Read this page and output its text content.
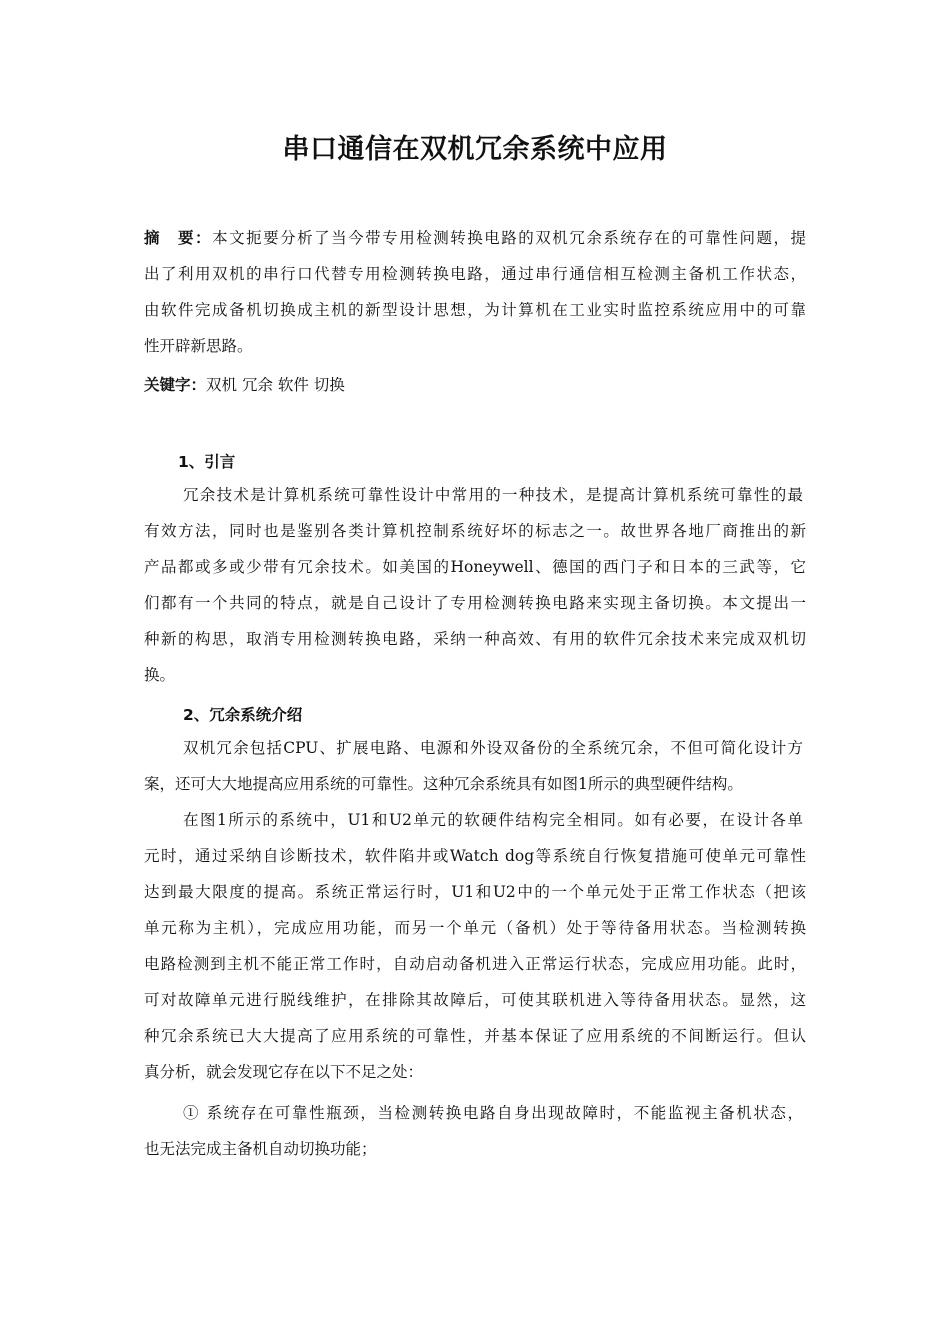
串口通信在双机冗余系统中应用
摘　要：本文扼要分析了当今带专用检测转换电路的双机冗余系统存在的可靠性问题，提
出了利用双机的串行口代替专用检测转换电路，通过串行通信相互检测主备机工作状态，
由软件完成备机切换成主机的新型设计思想，为计算机在工业实时监控系统应用中的可靠
性开辟新思路。
关键字：双机 冗余 软件 切换
1、引言
冗余技术是计算机系统可靠性设计中常用的一种技术，是提高计算机系统可靠性的最
有效方法，同时也是鉴别各类计算机控制系统好坏的标志之一。故世界各地厂商推出的新
产品都或多或少带有冗余技术。如美国的Honeywell、德国的西门子和日本的三武等，它
们都有一个共同的特点，就是自己设计了专用检测转换电路来实现主备切换。本文提出一
种新的构思，取消专用检测转换电路，采纳一种高效、有用的软件冗余技术来完成双机切
换。
2、冗余系统介绍
双机冗余包括CPU、扩展电路、电源和外设双备份的全系统冗余，不但可简化设计方
案，还可大大地提高应用系统的可靠性。这种冗余系统具有如图1所示的典型硬件结构。
在图1所示的系统中，U1和U2单元的软硬件结构完全相同。如有必要，在设计各单
元时，通过采纳自诊断技术，软件陷井或Watch dog等系统自行恢复措施可使单元可靠性
达到最大限度的提高。系统正常运行时，U1和U2中的一个单元处于正常工作状态（把该
单元称为主机），完成应用功能，而另一个单元（备机）处于等待备用状态。当检测转换
电路检测到主机不能正常工作时，自动启动备机进入正常运行状态，完成应用功能。此时，
可对故障单元进行脱线维护，在排除其故障后，可使其联机进入等待备用状态。显然，这
种冗余系统已大大提高了应用系统的可靠性，并基本保证了应用系统的不间断运行。但认
真分析，就会发现它存在以下不足之处：
① 系统存在可靠性瓶颈，当检测转换电路自身出现故障时，不能监视主备机状态，
也无法完成主备机自动切换功能；
